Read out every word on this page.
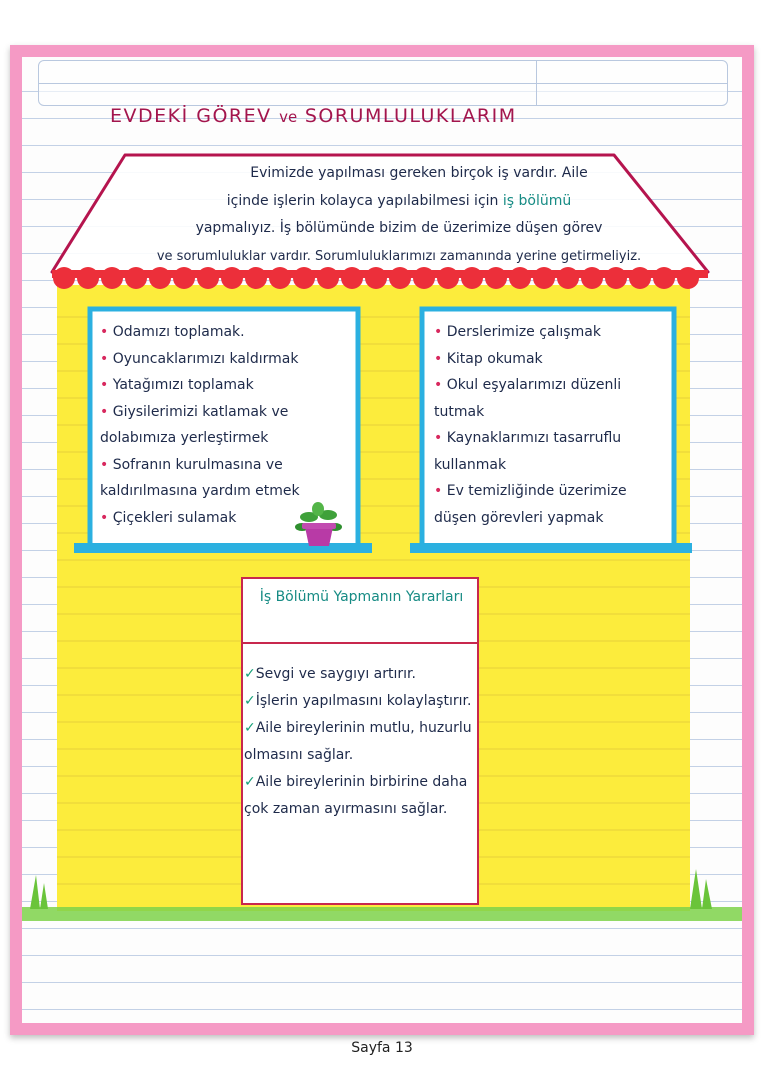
EVDEKİ GÖREV ve SORUMLULUKLARIM
Evimizde yapılması gereken birçok iş vardır. Aile
içinde işlerin kolayca yapılabilmesi için iş bölümü
yapmalıyız. İş bölümünde bizim de üzerimize düşen görev
ve sorumluluklar vardır. Sorumluluklarımızı zamanında yerine getirmeliyiz.
• Odamızı toplamak.
• Oyuncaklarımızı kaldırmak
• Yatağımızı toplamak
• Giysilerimizi katlamak ve dolabımıza yerleştirmek
• Sofranın kurulmasına ve kaldırılmasına yardım etmek
• Çiçekleri sulamak
• Derslerimize çalışmak
• Kitap okumak
• Okul eşyalarımızı düzenli tutmak
• Kaynaklarımızı tasarruflu kullanmak
• Ev temizliğinde üzerimize düşen görevleri yapmak
İş Bölümü Yapmanın Yararları
✓Sevgi ve saygıyı artırır.
✓İşlerin yapılmasını kolaylaştırır.
✓Aile bireylerinin mutlu, huzurlu olmasını sağlar.
✓Aile bireylerinin birbirine daha çok zaman ayırmasını sağlar.
Sayfa 13
